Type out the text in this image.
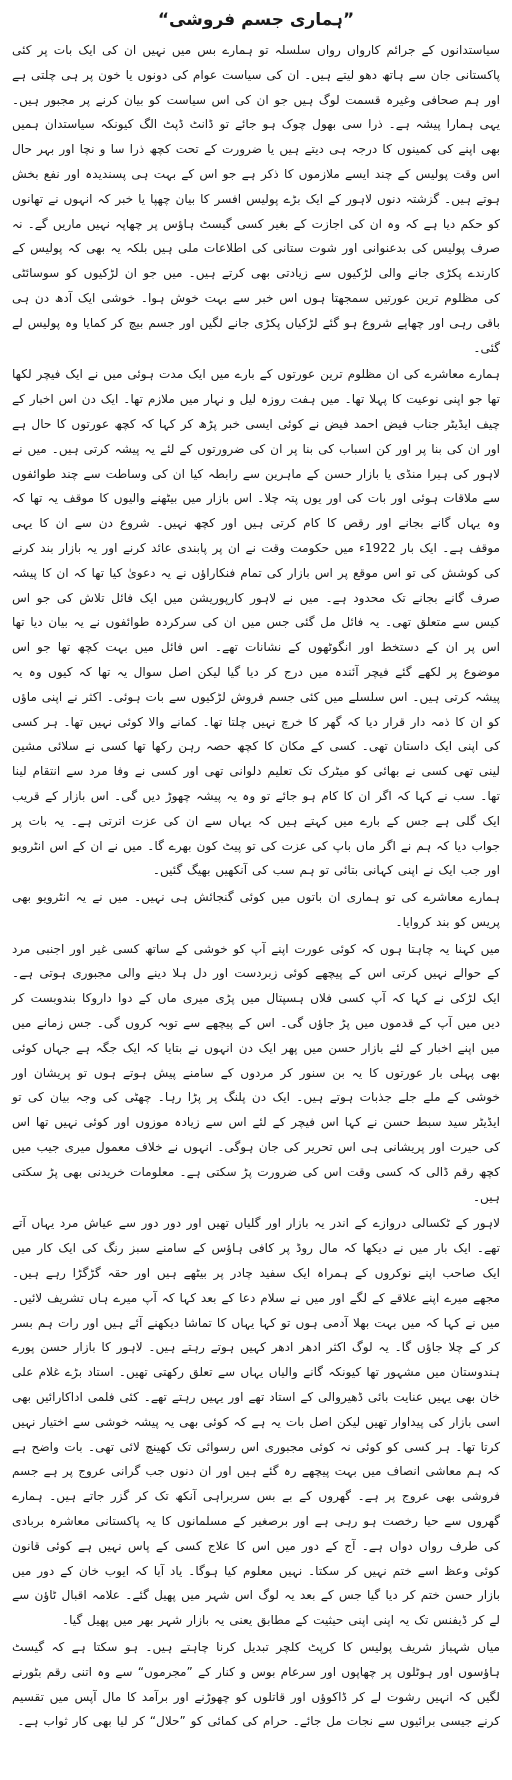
”ہماری جسم فروشی“

سیاستدانوں کے جرائم کارواں رواں سلسلہ تو ہمارے بس میں نہیں ان کی ایک بات پر کئی پاکستانی جان سے ہاتھ دھو لیتے ہیں۔ ان کی سیاست عوام کی دونوں یا خون پر ہی چلتی ہے اور ہم صحافی وغیرہ قسمت لوگ ہیں جو ان کی اس سیاست کو بیان کرنے پر مجبور ہیں۔ یہی ہمارا پیشہ ہے۔ ذرا سی بھول چوک ہو جائے تو ڈانٹ ڈپٹ الگ کیونکہ سیاستدان ہمیں بھی اپنے کی کمینوں کا درجہ ہی دیتے ہیں یا ضرورت کے تحت کچھ ذرا سا و نچا اور بہر حال اس وقت پولیس کے چند ایسے ملازموں کا ذکر ہے جو اس کے بہت ہی پسندیدہ اور نفع بخش ہوتے ہیں۔ گزشتہ دنوں لاہور کے ایک بڑے پولیس افسر کا بیان چھپا یا خبر کہ انہوں نے تھانوں کو حکم دیا ہے کہ وہ ان کی اجازت کے بغیر کسی گیسٹ ہاؤس پر چھاپہ نہیں ماریں گے۔ نہ صرف پولیس کی بدعنوانی اور شوت ستانی کی اطلاعات ملی ہیں بلکہ یہ بھی کہ پولیس کے کارندے پکڑی جانے والی لڑکیوں سے زیادتی بھی کرتے ہیں۔ میں جو ان لڑکیوں کو سوسائٹی کی مظلوم ترین عورتیں سمجھتا ہوں اس خبر سے بہت خوش ہوا۔ خوشی ایک آدھ دن ہی باقی رہی اور چھاپے شروع ہو گئے لڑکیاں پکڑی جانے لگیں اور جسم بیچ کر کمایا وہ پولیس لے گئی۔

ہمارے معاشرے کی ان مظلوم ترین عورتوں کے بارے میں ایک مدت ہوئی میں نے ایک فیچر لکھا تھا جو اپنی نوعیت کا پہلا تھا۔ میں ہفت روزہ لیل و نہار میں ملازم تھا۔ ایک دن اس اخبار کے چیف ایڈیٹر جناب فیض احمد فیض نے کوئی ایسی خبر پڑھ کر کہا کہ کچھ عورتوں کا حال ہے اور ان کی بنا پر اور کن اسباب کی بنا پر ان کی ضرورتوں کے لئے یہ پیشہ کرتی ہیں۔ میں نے لاہور کی ہیرا منڈی یا بازار حسن کے ماہرین سے رابطہ کیا ان کی وساطت سے چند طوائفوں سے ملاقات ہوئی اور بات کی اور یوں پتہ چلا۔ اس بازار میں بیٹھنے والیوں کا موقف یہ تھا کہ وہ یہاں گانے بجانے اور رقص کا کام کرتی ہیں اور کچھ نہیں۔ شروع دن سے ان کا یہی موقف ہے۔ ایک بار 1922ء میں حکومت وقت نے ان پر پابندی عائد کرنے اور یہ بازار بند کرنے کی کوشش کی تو اس موقع پر اس بازار کی تمام فنکاراؤں نے یہ دعویٰ کیا تھا کہ ان کا پیشہ صرف گانے بجانے تک محدود ہے۔ میں نے لاہور کارپوریشن میں ایک فائل تلاش کی جو اس کیس سے متعلق تھی۔ یہ فائل مل گئی جس میں ان کی سرکردہ طوائفوں نے یہ بیان دیا تھا اس پر ان کے دستخط اور انگوٹھوں کے نشانات تھے۔ اس فائل میں بہت کچھ تھا جو اس موضوع پر لکھے گئے فیچر آئندہ میں درج کر دیا گیا لیکن اصل سوال یہ تھا کہ کیوں وہ یہ پیشہ کرتی ہیں۔ اس سلسلے میں کئی جسم فروش لڑکیوں سے بات ہوئی۔ اکثر نے اپنی ماؤں کو ان کا ذمہ دار قرار دیا کہ گھر کا خرچ نہیں چلتا تھا۔ کمانے والا کوئی نہیں تھا۔ ہر کسی کی اپنی ایک داستان تھی۔ کسی کے مکان کا کچھ حصہ رہن رکھا تھا کسی نے سلائی مشین لینی تھی کسی نے بھائی کو میٹرک تک تعلیم دلوانی تھی اور کسی نے وفا مرد سے انتقام لینا تھا۔ سب نے کہا کہ اگر ان کا کام ہو جائے تو وہ یہ پیشہ چھوڑ دیں گی۔ اس بازار کے قریب ایک گلی ہے جس کے بارے میں کہتے ہیں کہ یہاں سے ان کی عزت اترتی ہے۔ یہ بات پر جواب دیا کہ ہم نے اگر ماں باپ کی عزت کی تو پیٹ کون بھرے گا۔ میں نے ان کے اس انٹرویو اور جب ایک نے اپنی کہانی بتائی تو ہم سب کی آنکھیں بھیگ گئیں۔

ہمارے معاشرے کی تو ہماری ان باتوں میں کوئی گنجائش ہی نہیں۔ میں نے یہ انٹرویو بھی پریس کو بند کروایا۔

میں کہنا یہ چاہتا ہوں کہ کوئی عورت اپنے آپ کو خوشی کے ساتھ کسی غیر اور اجنبی مرد کے حوالے نہیں کرتی اس کے پیچھے کوئی زبردست اور دل ہلا دینے والی مجبوری ہوتی ہے۔ ایک لڑکی نے کہا کہ آپ کسی فلاں ہسپتال میں پڑی میری ماں کے دوا داروکا بندوبست کر دیں میں آپ کے قدموں میں پڑ جاؤں گی۔ اس کے پیچھے سے توبہ کروں گی۔ جس زمانے میں میں اپنے اخبار کے لئے بازار حسن میں پھر ایک دن انہوں نے بتایا کہ ایک جگہ ہے جہاں کوئی بھی پہلی بار عورتوں کا یہ بن سنور کر مردوں کے سامنے پیش ہوتے ہوں تو پریشان اور خوشی کے ملے جلے جذبات ہوتے ہیں۔ ایک دن پلنگ پر پڑا رہا۔ چھٹی کی وجہ بیان کی تو ایڈیٹر سید سبط حسن نے کہا اس فیچر کے لئے اس سے زیادہ موزوں اور کوئی نہیں تھا اس کی حیرت اور پریشانی ہی اس تحریر کی جان ہوگی۔ انہوں نے خلاف معمول میری جیب میں کچھ رقم ڈالی کہ کسی وقت اس کی ضرورت پڑ سکتی ہے۔ معلومات خریدنی بھی پڑ سکتی ہیں۔

لاہور کے ٹکسالی دروازے کے اندر یہ بازار اور گلیاں تھیں اور دور دور سے عیاش مرد یہاں آتے تھے۔ ایک بار میں نے دیکھا کہ مال روڈ پر کافی ہاؤس کے سامنے سبز رنگ کی ایک کار میں ایک صاحب اپنے نوکروں کے ہمراہ ایک سفید چادر پر بیٹھے ہیں اور حقہ گڑگڑا رہے ہیں۔ مجھے میرے اپنے علاقے کے لگے اور میں نے سلام دعا کے بعد کہا کہ آپ میرے ہاں تشریف لائیں۔ میں نے کہا کہ میں بہت بھلا آدمی ہوں تو کہا یہاں کا تماشا دیکھنے آئے ہیں اور رات ہم بسر کر کے چلا جاؤں گا۔ یہ لوگ اکثر ادھر ادھر کہیں ہوتے رہتے ہیں۔ لاہور کا بازار حسن پورے ہندوستان میں مشہور تھا کیونکہ گانے والیاں یہاں سے تعلق رکھتی تھیں۔ استاد بڑے غلام علی خان بھی یہیں عنایت بائی ڈھیروالی کے استاد تھے اور یہیں رہتے تھے۔ کئی فلمی اداکارائیں بھی اسی بازار کی پیداوار تھیں لیکن اصل بات یہ ہے کہ کوئی بھی یہ پیشہ خوشی سے اختیار نہیں کرتا تھا۔ ہر کسی کو کوئی نہ کوئی مجبوری اس رسوائی تک کھینچ لائی تھی۔ بات واضح ہے کہ ہم معاشی انصاف میں بہت پیچھے رہ گئے ہیں اور ان دنوں جب گرانی عروج پر ہے جسم فروشی بھی عروج پر ہے۔ گھروں کے بے بس سربراہی آنکھ تک کر گزر جاتے ہیں۔ ہمارے گھروں سے حیا رخصت ہو رہی ہے اور برصغیر کے مسلمانوں کا یہ پاکستانی معاشرہ بربادی کی طرف رواں دواں ہے۔ آج کے دور میں اس کا علاج کسی کے پاس نہیں ہے کوئی قانون کوئی وعظ اسے ختم نہیں کر سکتا۔ نہیں معلوم کیا ہوگا۔ یاد آیا کہ ایوب خان کے دور میں بازار حسن ختم کر دیا گیا جس کے بعد یہ لوگ اس شہر میں پھیل گئے۔ علامہ اقبال ٹاؤن سے لے کر ڈیفنس تک یہ اپنی اپنی حیثیت کے مطابق یعنی یہ بازار شہر بھر میں پھیل گیا۔

میاں شہباز شریف پولیس کا کرپٹ کلچر تبدیل کرنا چاہتے ہیں۔ ہو سکتا ہے کہ گیسٹ ہاؤسوں اور ہوٹلوں پر چھاپوں اور سرعام بوس و کنار کے ”مجرموں“ سے وہ اتنی رقم بٹورنے لگیں کہ انہیں رشوت لے کر ڈاکوؤں اور قاتلوں کو چھوڑنے اور برآمد کا مال آپس میں تقسیم کرنے جیسی برائیوں سے نجات مل جائے۔ حرام کی کمائی کو ”حلال“ کر لیا بھی کار ثواب ہے۔
